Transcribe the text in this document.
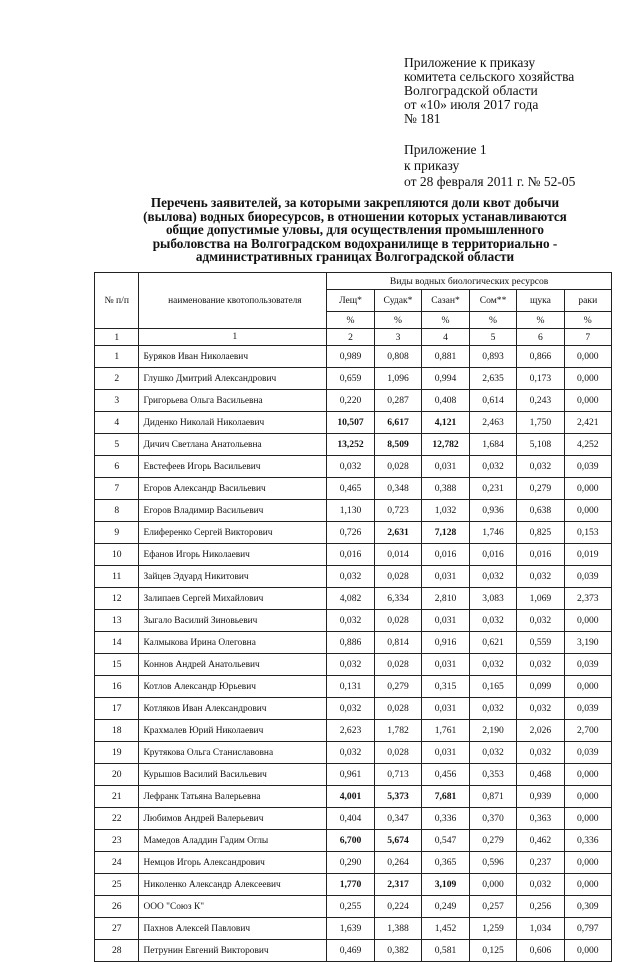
Приложение к приказу
комитета сельского хозяйства
Волгоградской области
от «10» июля 2017 года
№ 181
Приложение 1
к приказу
от 28 февраля 2011 г. № 52-05
Перечень заявителей, за которыми закрепляются доли квот добычи
(вылова) водных биоресурсов, в отношении которых устанавливаются
общие допустимые уловы, для осуществления промышленного
рыболовства на Волгоградском водохранилище в территориально -
административных границах Волгоградской области
№ п/п	наименование квотопользователя	Виды водных биологических ресурсов					
		Лещ*	Судак*	Сазан*	Сом**	щука	раки
		%	%	%	%	%	%
1	1	2	3	4	5	6	7
1	Буряков Иван Николаевич	0,989	0,808	0,881	0,893	0,866	0,000
2	Глушко Дмитрий Александрович	0,659	1,096	0,994	2,635	0,173	0,000
3	Григорьева Ольга Васильевна	0,220	0,287	0,408	0,614	0,243	0,000
4	Диденко Николай Николаевич	10,507	6,617	4,121	2,463	1,750	2,421
5	Дичич Светлана Анатольевна	13,252	8,509	12,782	1,684	5,108	4,252
6	Евстефеев Игорь Васильевич	0,032	0,028	0,031	0,032	0,032	0,039
7	Егоров Александр Васильевич	0,465	0,348	0,388	0,231	0,279	0,000
8	Егоров Владимир Васильевич	1,130	0,723	1,032	0,936	0,638	0,000
9	Елиференко Сергей Викторович	0,726	2,631	7,128	1,746	0,825	0,153
10	Ефанов Игорь Николаевич	0,016	0,014	0,016	0,016	0,016	0,019
11	Зайцев Эдуард Никитович	0,032	0,028	0,031	0,032	0,032	0,039
12	Залипаев Сергей Михайлович	4,082	6,334	2,810	3,083	1,069	2,373
13	Зыгало Василий Зиновьевич	0,032	0,028	0,031	0,032	0,032	0,000
14	Калмыкова Ирина Олеговна	0,886	0,814	0,916	0,621	0,559	3,190
15	Коннов Андрей Анатольевич	0,032	0,028	0,031	0,032	0,032	0,039
16	Котлов Александр Юрьевич	0,131	0,279	0,315	0,165	0,099	0,000
17	Котляков Иван Александрович	0,032	0,028	0,031	0,032	0,032	0,039
18	Крахмалев Юрий Николаевич	2,623	1,782	1,761	2,190	2,026	2,700
19	Крутякова Ольга Станиславовна	0,032	0,028	0,031	0,032	0,032	0,039
20	Курышов Василий Васильевич	0,961	0,713	0,456	0,353	0,468	0,000
21	Лефранк Татьяна Валерьевна	4,001	5,373	7,681	0,871	0,939	0,000
22	Любимов Андрей Валерьевич	0,404	0,347	0,336	0,370	0,363	0,000
23	Мамедов Аладдин Гадим Оглы	6,700	5,674	0,547	0,279	0,462	0,336
24	Немцов Игорь Александрович	0,290	0,264	0,365	0,596	0,237	0,000
25	Николенко Александр Алексеевич	1,770	2,317	3,109	0,000	0,032	0,000
26	ООО "Союз К"	0,255	0,224	0,249	0,257	0,256	0,309
27	Пахнов Алексей Павлович	1,639	1,388	1,452	1,259	1,034	0,797
28	Петрунин Евгений Викторович	0,469	0,382	0,581	0,125	0,606	0,000
